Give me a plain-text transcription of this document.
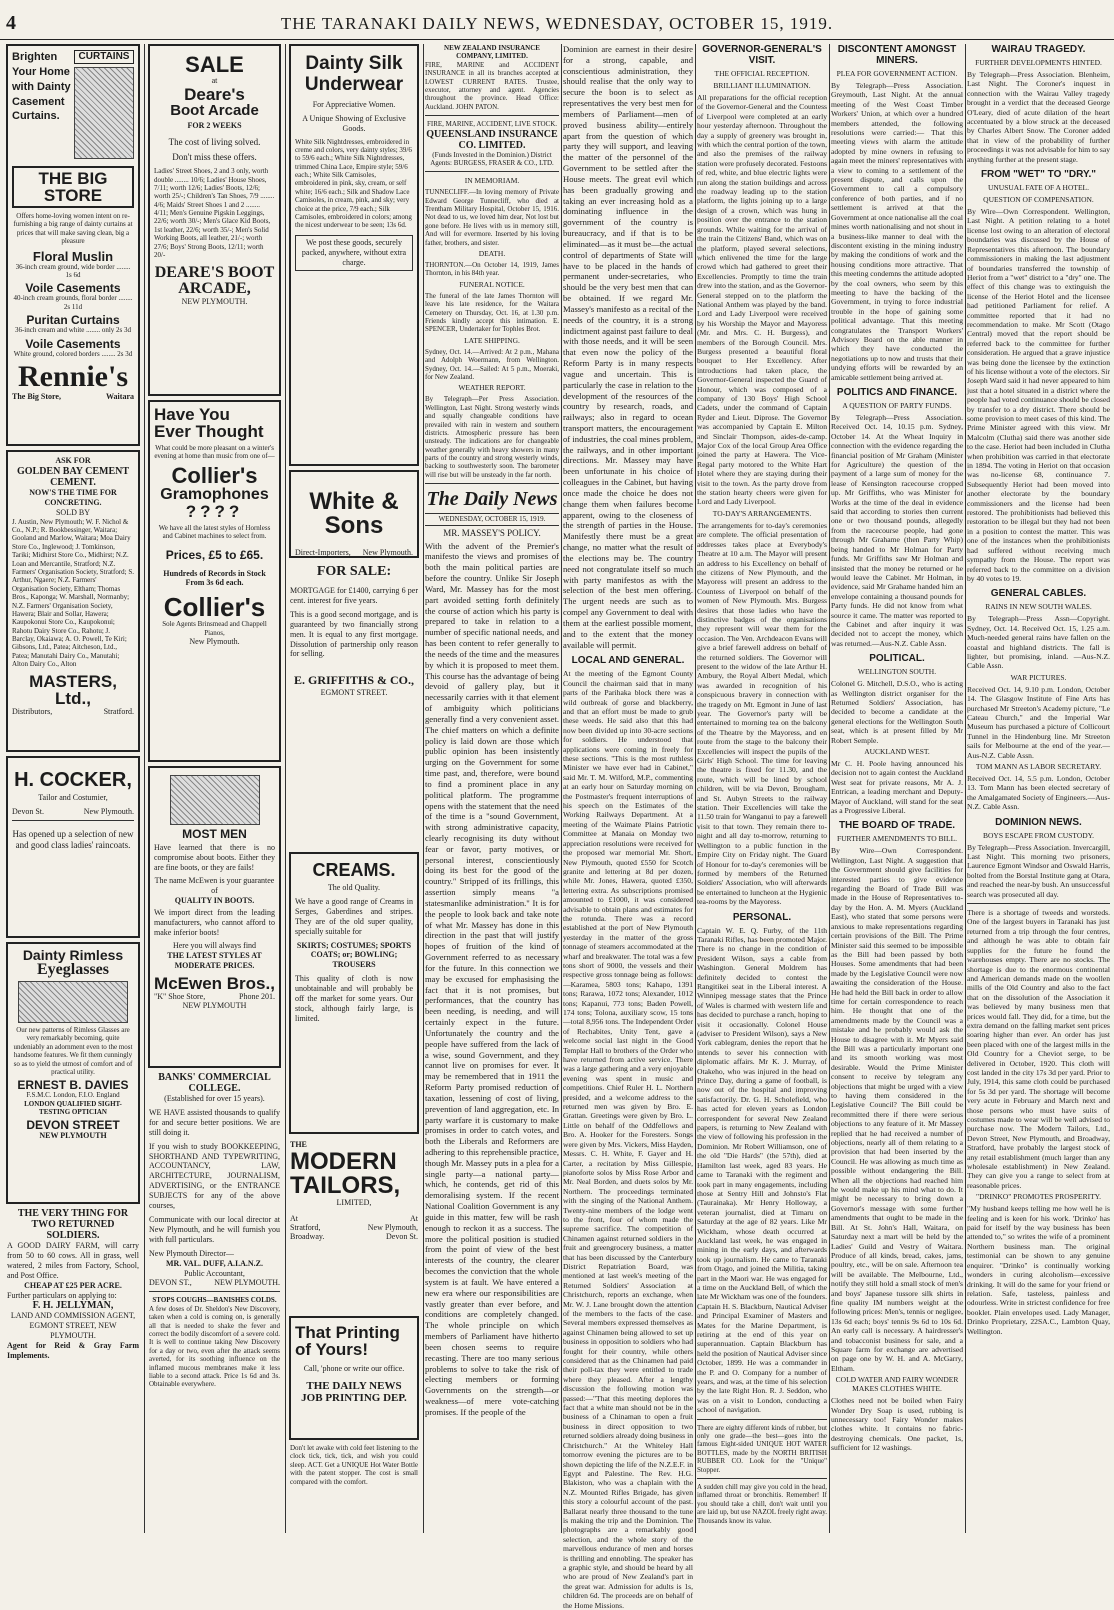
4	THE TARANAKI DAILY NEWS, WEDNESDAY, OCTOBER 15, 1919.
Brighten Your Home with Dainty Casement Curtains.
CURTAINS
THE BIG STORE
Offers home-loving women intent on re-furnishing a big range of dainty curtains at prices that will make saving clean, big a pleasure
Floral Muslin
36-inch cream ground, wide border ........ 1s 6d
Voile Casements
40-inch cream grounds, floral border ........ 2s 11d
Puritan Curtains
36-inch cream and white ........ only 2s 3d
Voile Casements
White ground, colored borders ........ 2s 3d
Rennie's
The Big Store,	Waitara
ASK FOR
GOLDEN BAY CEMENT
CEMENT.
NOW'S THE TIME FOR CONCRETING.
SOLD BY
J. Austin, New Plymouth; W. F. Nichol & Co., N.P.; R. Bookbessinger, Waitara; Gooland and Marlow, Waitara; Moa Dairy Store Co., Inglewood; J. Tomkinson, Tariki; Midhirst Store Co., Midhirst; N.Z. Loan and Mercantile, Stratford; N.Z. Farmers' Organisation Society, Stratford; S. Arthur, Ngaere; N.Z. Farmers' Organisation Society, Eltham; Thomas Bros., Kaponga; W. Marshall, Normanby; N.Z. Farmers' Organisation Society, Hawera; Blair and Sollar, Hawera; Kaupokonui Store Co., Kaupokonui; Rahotu Dairy Store Co., Rahotu; J. Barclay, Okaiawa; A. O. Powell, Te Kiri; Gibsons, Ltd., Patea; Aitcheson, Ltd., Patea; Manutahi Dairy Co., Manutahi; Alton Dairy Co., Alton
MASTERS, Ltd.,
Distributors,	Stratford.
H. COCKER,
Tailor and Costumier,
Devon St.	New Plymouth.
Has opened up a selection of new and good class ladies' raincoats.
Dainty Rimless
Eyeglasses
Our new patterns of Rimless Glasses are very remarkably becoming, quite undeniably an adornment even to the most handsome features. We fit them cunningly so as to yield the utmost of comfort and of practical utility.
ERNEST B. DAVIES
F.S.M.C. London, F.I.O. England
LONDON QUALIFIED SIGHT-TESTING OPTICIAN
DEVON STREET
NEW PLYMOUTH
THE VERY THING FOR TWO RETURNED SOLDIERS.
A GOOD DAIRY FARM, will carry from 50 to 60 cows. All in grass, well watered, 2 miles from Factory, School, and Post Office.
CHEAP AT £25 PER ACRE.
Further particulars on applying to:
F. H. JELLYMAN,
LAND AND COMMISSION AGENT, EGMONT STREET, NEW PLYMOUTH.
Agent for Reid & Gray Farm Implements.
SALE
at
Deare's
Boot Arcade
FOR 2 WEEKS
The cost of living solved.
Don't miss these offers.
Ladies' Street Shoes, 2 and 3 only, worth double ........ 10/6; Ladies' House Shoes, 7/11; worth 12/6; Ladies' Boots, 12/6; worth 25/-; Children's Tan Shoes, 7/9 ........ 4/6; Maids' Street Shoes 1 and 2 ........ 4/11; Men's Genuine Pigskin Leggings, 22/6; worth 30/-; Men's Glace Kid Boots, 1st leather, 22/6; worth 35/-; Men's Solid Working Boots, all leather, 21/-; worth 27/6; Boys' Strong Boots, 12/11; worth 20/-
DEARE'S BOOT ARCADE,
NEW PLYMOUTH.
Have You
Ever Thought
What could be more pleasant on a winter's evening at home than music from one of—
Collier's
Gramophones
????
We have all the latest styles of Hornless and Cabinet machines to select from.
Prices, £5 to £65.
Hundreds of Records in Stock From 3s 6d each.
Collier's
Sole Agents Brinsmead and Chappell Pianos,
New Plymouth.
MOST MEN
Have learned that there is no compromise about boots. Either they are fine boots, or they are fails!
The name McEwen is your guarantee of
QUALITY IN BOOTS.
We import direct from the leading manufacturers, who cannot afford to make inferior boots!
Here you will always find
THE LATEST STYLES AT MODERATE PRICES.
McEwen Bros.,
"K" Shoe Store,	Phone 201.
NEW PLYMOUTH
BANKS' COMMERCIAL COLLEGE.
(Established for over 15 years).
WE HAVE assisted thousands to qualify for and secure better positions. We are still doing it.
If you wish to study BOOKKEEPING, SHORTHAND AND TYPEWRITING, ACCOUNTANCY, LAW, ARCHITECTURE, JOURNALISM, ADVERTISING, or the ENTRANCE SUBJECTS for any of the above courses,
Communicate with our local director at New Plymouth, and he will furnish you with full particulars.
New Plymouth Director—
MR. VAL. DUFF, A.I.A.N.Z.
Public Accountant,
DEVON ST.,	NEW PLYMOUTH.
STOPS COUGHS—BANISHES COLDS.
A few doses of Dr. Sheldon's New Discovery, taken when a cold is coming on, is generally all that is needed to shake the fever and correct the bodily discomfort of a severe cold. It is well to continue taking New Discovery for a day or two, even after the attack seems averted, for its soothing influence on the inflamed mucous membranes make it less liable to a second attack. Price 1s 6d and 3s. Obtainable everywhere.
Dainty Silk Underwear
For Appreciative Women.
A Unique Showing of Exclusive Goods.
White Silk Nightdresses, embroidered in creme and colors, very dainty styles; 39/6 to 59/6 each.; White Silk Nightdresses, trimmed China Lace, Empire style; 59/6 each.; White Silk Camisoles, embroidered in pink, sky, cream, or self white; 16/6 each.; Silk and Shadow Lace Camisoles, in cream, pink, and sky; very choice at the price, 7/9 each.; Silk Camisoles, embroidered in colors; among the nicest underwear to be seen; 13s 6d.
We post these goods, securely packed, anywhere, without extra charge.
White & Sons
Direct-Importers, New Plymouth.
FOR SALE:
MORTGAGE for £1400, carrying 6 per cent. interest for five years.
This is a good second mortgage, and is guaranteed by two financially strong men. It is equal to any first mortgage. Dissolution of partnership only reason for selling.
E. GRIFFITHS & CO.,
EGMONT STREET.
CREAMS.
The old Quality.
We have a good range of Creams in Serges, Gaberdines and stripes. They are of the old super quality, specially suitable for
SKIRTS; COSTUMES; SPORTS COATS; or; BOWLING; TROUSERS
This quality of cloth is now unobtainable and will probably be off the market for some years. Our stock, although fairly large, is limited.
THE
MODERN TAILORS,
LIMITED,
At	At
Stratford,	New Plymouth,
Broadway.	Devon St.
That Printing of Yours!
Call, 'phone or write our office.
THE DAILY NEWS JOB PRINTING DEP.
Don't let awake with cold feet listening to the clock tick, tick, tick, and wish you could sleep. ACT. Get a UNIQUE Hot Water Bottle with the patent stopper. The cost is small compared with the comfort.
NEW ZEALAND INSURANCE COMPANY, LIMITED.
FIRE, MARINE and ACCIDENT INSURANCE in all its branches accepted at LOWEST CURRENT RATES. Trustee, executor, attorney and agent. Agencies throughout the province. Head Office: Auckland. JOHN PATON.
FIRE, MARINE, ACCIDENT, LIVE STOCK.
QUEENSLAND INSURANCE CO. LIMITED.
(Funds Invested in the Dominion.) District Agents: BURGESS, FRASER & CO., LTD.
IN MEMORIAM.
TUNNECLIFF.—In loving memory of Private Edward George Tunnecliff, who died at Trentham Military Hospital, October 15, 1916. Not dead to us, we loved him dear, Not lost but gone before. He lives with us in memory still, And will for evermore. Inserted by his loving father, brothers, and sister.
DEATH.
THORNTON.—On October 14, 1919, James Thornton, in his 84th year.
FUNERAL NOTICE.
The funeral of the late James Thornton will leave his late residence, for the Waitara Cemetery on Thursday, Oct. 16, at 1.30 p.m. Friends kindly accept this intimation. E. SPENCER, Undertaker for Tophles Brot.
LATE SHIPPING.
Sydney, Oct. 14.—Arrived: At 2 p.m., Mahana and Adolph Woermann, from Wellington. Sydney, Oct. 14.—Sailed: At 5 p.m., Moeraki, for New Zealand.
WEATHER REPORT.
By Telegraph—Per Press Association. Wellington, Last Night. Strong westerly winds and squally changeable conditions have prevailed with rain in western and southern districts. Atmospheric pressure has been unsteady. The indications are for changeable weather generally with heavy showers in many parts of the country and strong westerly winds, backing to southwesterly soon. The barometer will rise but will be unsteady in the far north.
The Daily News
WEDNESDAY, OCTOBER 15, 1919.
MR. MASSEY'S POLICY.
With the advent of the Premier's manifesto the views and promises of both the main political parties are before the country. Unlike Sir Joseph Ward, Mr. Massey has for the most part avoided setting forth definitely the course of action which his party is prepared to take in relation to a number of specific national needs, and has been content to refer generally to the needs of the time and the measures by which it is proposed to meet them. This course has the advantage of being devoid of gallery play, but it necessarily carries with it that element of ambiguity which politicians generally find a very convenient asset. The chief matters on which a definite policy is laid down are those which public opinion has been insistently urging on the Government for some time past, and, therefore, were bound to find a prominent place in any political platform. The programme opens with the statement that the need of the time is a "sound Government, with strong administrative capacity, clearly recognising its duty without fear or favor, party motives, or personal interest, conscientiously doing its best for the good of the country." Stripped of its frillings, this assertion simply means "a statesmanlike administration." It is for the people to look back and take note of what Mr. Massey has done in this direction in the past that will justify hopes of fruition of the kind of Government referred to as necessary for the future. In this connection we may be excused for emphasising the fact that it is not promises, but performances, that the country has been needing, is needing, and will certainly expect in the future. Unfortunately the country and the people have suffered from the lack of a wise, sound Government, and they cannot live on promises for ever. It may be remembered that in 1911 the Reform Party promised reduction of taxation, lessening of cost of living, prevention of land aggregation, etc. In party warfare it is customary to make promises in order to catch votes, and both the Liberals and Reformers are adhering to this reprehensible practice, though Mr. Massey puts in a plea for a single party—a national party—which, he contends, get rid of this demoralising system. If the recent National Coalition Government is any guide in this matter, few will be rash enough to reckon it as a success. The more the political position is studied from the point of view of the best interests of the country, the clearer becomes the conviction that the whole system is at fault. We have entered a new era where our responsibilities are vastly greater than ever before, and conditions are completely changed. The whole principle on which members of Parliament have hitherto been chosen seems to require recasting. There are too many serious problems to solve to take the risk of electing members or forming Governments on the strength—or weakness—of mere vote-catching promises. If the people of the
Dominion are earnest in their desire for a strong, capable, and conscientious administration, they should realise that the only way to secure the boon is to select as representatives the very best men for members of Parliament—men of proved business ability—entirely apart from the question of which party they will support, and leaving the matter of the personnel of the Government to be settled after the House meets. The great evil which has been gradually growing and taking an ever increasing hold as a dominating influence in the government of the country is bureaucracy, and if that is to be eliminated—as it must be—the actual control of departments of State will have to be placed in the hands of permanent under-secretaries, who should be the very best men that can be obtained. If we regard Mr. Massey's manifesto as a recital of the needs of the country, it is a strong indictment against past failure to deal with those needs, and it will be seen that even now the policy of the Reform Party is in many respects vague and uncertain. This is particularly the case in relation to the development of the resources of the country by research, roads, and railways; also in regard to ocean transport matters, the encouragement of industries, the coal mines problem, the railways, and in other important directions. Mr. Massey may have been unfortunate in his choice of colleagues in the Cabinet, but having once made the choice he does not change them when failures become apparent, owing to the closeness of the strength of parties in the House. Manifestly there must be a great change, no matter what the result of the elections may be. The country need not congratulate itself so much with party manifestos as with the selection of the best men offering. The urgent needs are such as to compel any Government to deal with them at the earliest possible moment, and to the extent that the money available will permit.
LOCAL AND GENERAL.
At the meeting of the Egmont County Council the chairman said that in many parts of the Parihaka block there was a wild outbreak of gorse and blackberry, and that an effort must be made to grub these weeds. He said also that this had now been divided up into 30-acre sections for soldiers. He understood that applications were coming in freely for these sections. "This is the most ruthless Minister we have ever had in Cabinet," said Mr. T. M. Wilford, M.P., commenting at an early hour on Saturday morning on the Postmaster's frequent interruptions of his speech on the Estimates of the Working Railways Department. At a meeting of the Waimate Plains Patriotic Committee at Manaia on Monday two appreciation resolutions were received for the proposed war memorial Mr. Short, New Plymouth, quoted £550 for Scotch granite and lettering at 8d per dozen, while Mr. Jones, Hawera, quoted £350, lettering extra. As subscriptions promised amounted to £1000, it was considered advisable to obtain plans and estimates for the rotunda. There was a record established at the port of New Plymouth yesterday in the matter of the gross tonnage of steamers accommodated at the wharf and breakwater. The total was a few tons short of 9000, the vessels and their respective gross tonnage being as follows:—Karamea, 5803 tons; Kahapo, 1391 tons; Rarawa, 1072 tons; Alexander, 1012 tons; Kapanui, 773 tons; Baden Powell, 174 tons; Tolona, auxiliary scow, 15 tons—total 8,956 tons. The Independent Order of Rechabites, Unity Tent, gave a welcome social last night in the Good Templar Hall to brothers of the Order who have returned from active service. There was a large gathering and a very enjoyable evening was spent in music and competitions. Chief Ruler H. L. Northern presided, and a welcome address to the returned men was given by Bro. E. Grattan. Greetings were given by Bro. L. Little on behalf of the Oddfellows and Bro. A. Hooker for the Foresters. Songs were given by Mrs. Vickers, Miss Hayden, Messrs. C. H. White, F. Gayer and H. Carter, a recitation by Miss Gillespie, pianoforte solos by Miss Rose Arbor and Mr. Neal Borden, and duets solos by Mr. Northern. The proceedings terminated with the singing of the National Anthem. Twenty-nine members of the lodge went to the front, four of whom made the supreme sacrifice. The competition of Chinamen against returned soldiers in the fruit and greengrocery business, a matter that has been discussed by the Canterbury District Repatriation Board, was mentioned at last week's meeting of the Returned Soldiers' Association at Christchurch, reports an exchange, when Mr. W. J. Lane brought down the attention of the members to the facts of the case. Several members expressed themselves as against Chinamen being allowed to set up business in opposition to soldiers who had fought for their country, while others considered that as the Chinamen had paid their poll-tax they were entitled to trade where they pleased. After a lengthy discussion the following motion was passed:—"That this meeting deplores the fact that a white man should not be in the business of a Chinaman to open a fruit business in direct opposition to two returned soldiers already doing business in Christchurch." At the Whiteley Hall tomorrow evening the pictures are to be shown depicting the life of the N.Z.E.F. in Egypt and Palestine. The Rev. H.G. Blakiston, who was a chaplain with the N.Z. Mounted Rifles Brigade, has given this story a colourful account of the past. Ballarat nearly three thousand to the tune is making the trip and the Dominion. The photographs are a remarkably good selection, and the whole story of the marvellous endurance of men and horses is thrilling and ennobling. The speaker has a graphic style, and should be heard by all who are proud of New Zealand's part in the great war. Admission for adults is 1s, children 6d. The proceeds are on behalf of the Home Missions.
GOVERNOR-GENERAL'S VISIT.
THE OFFICIAL RECEPTION.
BRILLIANT ILLUMINATION.
All preparations for the official reception of the Governor-General and the Countess of Liverpool were completed at an early hour yesterday afternoon. Throughout the day a supply of greenery was brought in, with which the central portion of the town, and also the premises of the railway station were profusely decorated. Festoons of red, white, and blue electric lights were run along the station buildings and across the roadway leading up to the station platform, the lights joining up to a large design of a crown, which was hung in position over the entrance to the station grounds. While waiting for the arrival of the train the Citizens' Band, which was on the platform, played several selections, which enlivened the time for the large crowd which had gathered to greet their Excellencies. Promptly to time the train drew into the station, and as the Governor-General stepped on to the platform the National Anthem was played by the band. Lord and Lady Liverpool were received by his Worship the Mayor and Mayoress (Mr. and Mrs. C. H. Burgess), and members of the Borough Council. Mrs. Burgess presented a beautiful floral bouquet to Her Excellency. After introductions had taken place, the Governor-General inspected the Guard of Honour, which was composed of a company of 130 Boys' High School Cadets, under the command of Captain Ryder and Lieut. Diprose. The Governor was accompanied by Captain E. Milton and Sinclair Thompson, aides-de-camp. Major Cox of the local Group Area Office joined the party at Hawera. The Vice-Regal party motored to the White Hart Hotel where they are staying during their visit to the town. As the party drove from the station hearty cheers were given for Lord and Lady Liverpool.
TO-DAY'S ARRANGEMENTS.
The arrangements for to-day's ceremonies are complete. The official presentation of addresses takes place at Everybody's Theatre at 10 a.m. The Mayor will present an address to his Excellency on behalf of the citizens of New Plymouth, and the Mayoress will present an address to the Countess of Liverpool on behalf of the women of New Plymouth. Mrs. Burgess desires that those ladies who have the distinctive badges of the organisations they represent will wear them for the occasion. The Ven. Archdeacon Evans will give a brief farewell address on behalf of the returned soldiers. The Governor will present to the widow of the late Arthur H. Ambury, the Royal Albert Medal, which was awarded in recognition of his conspicuous bravery in connection with the tragedy on Mt. Egmont in June of last year. The Governor's party will be entertained to morning tea on the balcony of the Theatre by the Mayoress, and en route from the stage to the balcony their Excellencies will inspect the pupils of the Girls' High School. The time for leaving the theatre is fixed for 11.30, and the route, which will be lined by school children, will be via Devon, Brougham, and St. Aubyn Streets to the railway station. Their Excellencies will take the 11.50 train for Wanganui to pay a farewell visit to that town. They remain there to-night and all day to-morrow, returning to Wellington to a public function in the Empire City on Friday night. The Guard of Honour for to-day's ceremonies will be formed by members of the Returned Soldiers' Association, who will afterwards be entertained to luncheon at the Hygienic tea-rooms by the Mayoress.
PERSONAL.
Captain W. E. Q. Furby, of the 11th Taranaki Rifles, has been promoted Major. There is no change in the condition of President Wilson, says a cable from Washington. General Moldrem has definitely decided to contest the Rangitikei seat in the Liberal interest. A Winnipeg message states that the Prince of Wales is charmed with western life and has decided to purchase a ranch, hoping to visit it occasionally. Colonel House (adviser to President Wilson), says a New York cablegram, denies the report that he intends to sever his connection with diplomatic affairs. Mr K. J. Murray, of Otakeho, who was injured in the head on Prince Day, during a game of football, is now out of the hospital and improving satisfactorily. Dr. G. H. Scholefield, who has acted for eleven years as London correspondent for several New Zealand papers, is returning to New Zealand with the view of following his profession in the Dominion. Mr Robert Williamson, one of the old "Die Hards" (the 57th), died at Hamilton last week, aged 83 years. He came to Taranaki with the regiment and took part in many engagements, including those at Sentry Hill and Johnsto's Flat (Taurainaka). Mr Henry Holloway, a veteran journalist, died at Timaru on Saturday at the age of 82 years. Like Mr Wickham, whose death occurred at Auckland last week, he was engaged in mining in the early days, and afterwards took up journalism. He came to Taranaki from Otago, and joined the Militia, taking part in the Maori war. He was engaged for a time on the Auckland Bell, of which the late Mr Wickham was one of the founders. Captain H. S. Blackburn, Nautical Adviser and Principal Examiner of Masters and Mates for the Marine Department, is retiring at the end of this year on superannuation. Captain Blackburn has held the position of Nautical Adviser since October, 1899. He was a commander in the P. and O. Company for a number of years, and was, at the time of his selection by the late Right Hon. R. J. Seddon, who was on a visit to London, conducting a school of navigation.
There are eighty different kinds of rubber, but only one grade—the best—goes into the famous Eight-sided UNIQUE HOT WATER BOTTLES, made by the NORTH BRITISH RUBBER CO. Look for the "Unique" Stopper.
A sudden chill may give you cold in the head, inflamed throat or bronchitis. Remember! If you should take a chill, don't wait until you are laid up, but use NAZOL freely right away. Thousands know its value.
DISCONTENT AMONGST MINERS.
PLEA FOR GOVERNMENT ACTION.
By Telegraph—Press Association. Greymouth, Last Night. At the annual meeting of the West Coast Timber Workers' Union, at which over a hundred members attended, the following resolutions were carried:— That this meeting views with alarm the attitude adopted by mine owners in refusing to again meet the miners' representatives with a view to coming to a settlement of the present dispute, and calls upon the Government to call a compulsory conference of both parties, and if no settlement is arrived at that the Government at once nationalise all the coal mines worth nationalising and not shout in a business-like manner to deal with the discontent existing in the mining industry by making the conditions of work and the housing conditions more attractive. That this meeting condemns the attitude adopted by the coal owners, who seem by this meeting to have the backing of the Government, in trying to force industrial trouble in the hope of gaining some political advantage. That this meeting congratulates the Transport Workers' Advisory Board on the able manner in which they have conducted the negotiations up to now and trusts that their undying efforts will be rewarded by an amicable settlement being arrived at.
POLITICS AND FINANCE.
A QUESTION OF PARTY FUNDS.
By Telegraph—Press Association. Received Oct. 14, 10.15 p.m. Sydney, October 14. At the Wheat Inquiry in connection with the evidence regarding the financial position of Mr Graham (Minister for Agriculture) the question of the payment of a large sum of money for the lease of Kensington racecourse cropped up. Mr Griffiths, who was Minister for Works at the time of the deal in evidence said that according to stories then current one or two thousand pounds, allegedly from the racecourse people, had gone through Mr Grahame (then Party Whip) being handed to Mr Holman for Party funds. Mr Griffiths saw Mr Holman and insisted that the money be returned or he would leave the Cabinet. Mr Holman, in evidence, said Mr Grahame handed him an envelope containing a thousand pounds for Party funds. He did not know from what source it came. The matter was reported to the Cabinet and after inquiry it was decided not to accept the money, which was returned.—Aus-N.Z. Cable Assn.
POLITICAL.
WELLINGTON SOUTH.
Colonel G. Mitchell, D.S.O., who is acting as Wellington district organiser for the Returned Soldiers' Association, has decided to become a candidate at the general elections for the Wellington South seat, which is at present filled by Mr Robert Semple.
AUCKLAND WEST.
Mr C. H. Poole having announced his decision not to again contest the Auckland West seat for private reasons, Mr A. J. Entrican, a leading merchant and Deputy-Mayor of Auckland, will stand for the seat as a Progressive Liberal.
THE BOARD OF TRADE.
FURTHER AMENDMENTS TO BILL.
By Wire—Own Correspondent. Wellington, Last Night. A suggestion that the Government should give facilities for interested parties to give evidence regarding the Board of Trade Bill was made in the House of Representatives to-day by the Hon. A. M. Myers (Auckland East), who stated that some persons were anxious to make representations regarding certain provisions of the Bill. The Prime Minister said this seemed to be impossible as the Bill had been passed by both Houses. Some amendments that had been made by the Legislative Council were now awaiting the consideration of the House. He had held the Bill back in order to allow time for certain correspondence to reach him. He thought that one of the amendments made by the Council was a mistake and he probably would ask the House to disagree with it. Mr Myers said the Bill was a particularly important one and its smooth working was most desirable. Would the Prime Minister consent to receive by telegram any objections that might be urged with a view to having them considered in the Legislative Council? The Bill could be recommitted there if there were serious objections to any feature of it. Mr Massey replied that he had received a number of objections, nearly all of them relating to a provision that had been inserted by the Council. He was allowing as much time as possible without endangering the Bill. When all the objections had reached him he would make up his mind what to do. It might be necessary to bring down a Governor's message with some further amendments that ought to be made in the Bill. At St. John's Hall, Waitara, on Saturday next a mart will be held by the Ladies' Guild and Vestry of Waitara. Produce of all kinds, bread, cakes, jams, poultry, etc., will be on sale. Afternoon tea will be available. The Melbourne, Ltd., notify they still hold a small stock of men's and boys' Japanese tussore silk shirts in fine quality IM numbers weight at the following prices: Men's, tennis or negligee, 13s 6d each; boys' tennis 9s 6d to 10s 6d. An early call is necessary. A hairdresser's and tobacconist business for sale, and a Square farm for exchange are advertised on page one by W. H. and A. McGarry, Eltham.
COLD WATER AND FAIRY WONDER MAKES CLOTHES WHITE.
Clothes need not be boiled when Fairy Wonder Dry Soap is used, rubbing is unnecessary too! Fairy Wonder makes clothes white. It contains no fabric-destroying chemicals. One packet, 1s, sufficient for 12 washings.
WAIRAU TRAGEDY.
FURTHER DEVELOPMENTS HINTED.
By Telegraph—Press Association. Blenheim, Last Night. The Coroner's inquest in connection with the Wairau Valley tragedy brought in a verdict that the deceased George O'Leary, died of acute dilation of the heart accentuated by a blow struck at the deceased by Charles Albert Snow. The Coroner added that in view of the probability of further proceedings it was not advisable for him to say anything further at the present stage.
FROM "WET" TO "DRY."
UNUSUAL FATE OF A HOTEL.
QUESTION OF COMPENSATION.
By Wire—Own Correspondent. Wellington, Last Night. A petition relating to a hotel license lost owing to an alteration of electoral boundaries was discussed by the House of Representatives this afternoon. The boundary commissioners in making the last adjustment of boundaries transferred the township of Heriot from a "wet" district to a "dry" one. The effect of this change was to extinguish the license of the Heriot Hotel and the licensee had petitioned Parliament for relief. A committee reported that it had no recommendation to make. Mr Scott (Otago Central) moved that the report should be referred back to the committee for further consideration. He argued that a grave injustice was being done the licensee by the extinction of his license without a vote of the electors. Sir Joseph Ward said it had never appeared to him just that a hotel situated in a district where the people had voted continuance should be closed by transfer to a dry district. There should be some provision to meet cases of this kind. The Prime Minister agreed with this view. Mr Malcolm (Clutha) said there was another side to the case. Heriot had been included in Clutha when prohibition was carried in that electorate in 1894. The voting in Heriot on that occasion was no-license 68, continuance 7. Subsequently Heriot had been moved into another electorate by the boundary commissioners and the license had been restored. The prohibitionists had believed this restoration to be illegal but they had not been in a position to contest the matter. This was one of the instances when the prohibitionists had suffered without receiving much sympathy from the House. The report was referred back to the committee on a division by 40 votes to 19.
GENERAL CABLES.
RAINS IN NEW SOUTH WALES.
By Telegraph—Press Assn—Copyright. Sydney, Oct. 14. Received Oct. 15, 1.25 a.m. Much-needed general rains have fallen on the coastal and highland districts. The fall is lighter, but promising, inland. —Aus-N.Z. Cable Assn.
WAR PICTURES.
Received Oct. 14, 9.10 p.m. London, October 14. The Glasgow Institute of Fine Arts has purchased Mr Streeton's Academy picture, "Le Cateau Church," and the Imperial War Museum has purchased a picture of Collicourt Tunnel in the Hindenburg line. Mr Streeton sails for Melbourne at the end of the year.—Aus-N.Z. Cable Assn.
TOM MANN AS LABOR SECRETARY.
Received Oct. 14, 5.5 p.m. London, October 13. Tom Mann has been elected secretary of the Amalgamated Society of Engineers.—Aus-N.Z. Cable Assn.
DOMINION NEWS.
BOYS ESCAPE FROM CUSTODY.
By Telegraph—Press Association. Invercargill, Last Night. This morning two prisoners, Laurence Egmont Windsor and Oswald Harris, bolted from the Borstal Institute gang at Otara, and reached the near-by bush. An unsuccessful search was prosecuted all day.
There is a shortage of tweeds and worsteds. One of the largest buyers in Taranaki has just returned from a trip through the four centres, and although he was able to obtain fair supplies for the future he found the warehouses empty. There are no stocks. The shortage is due to the enormous continental and American demands made on the woollen mills of the Old Country and also to the fact that on the dissolution of the Association it was believed by many business men that prices would fall. They did, for a time, but the extra demand on the falling market sent prices soaring higher than ever. An order has just been placed with one of the largest mills in the Old Country for a Cheviot serge, to be delivered in October, 1920. This cloth will cost landed in the city 17s 3d per yard. Prior to July, 1914, this same cloth could be purchased for 5s 3d per yard. The shortage will become very acute in February and March next and those persons who must have suits of costumes made to wear will be well advised to purchase now. The Modern Tailors, Ltd., Devon Street, New Plymouth, and Broadway, Stratford, have probably the largest stock of any retail establishment (much larger than any wholesale establishment) in New Zealand. They can give you a range to select from at reasonable prices.
"DRINKO" PROMOTES PROSPERITY.
"My husband keeps telling me how well he is feeling and is keen for his work. 'Drinko' has paid for itself by the way business has been attended to," so writes the wife of a prominent Northern business man. The original testimonial can be shown to any genuine enquirer. "Drinko" is continually working wonders in curing alcoholism—excessive drinking. It will do the same for your friend or relation. Safe, tasteless, painless and odourless. Write in strictest confidence for free booklet. Plain envelopes used. Lady Manager, Drinko Proprietary, 22SA.C., Lambton Quay, Wellington.
